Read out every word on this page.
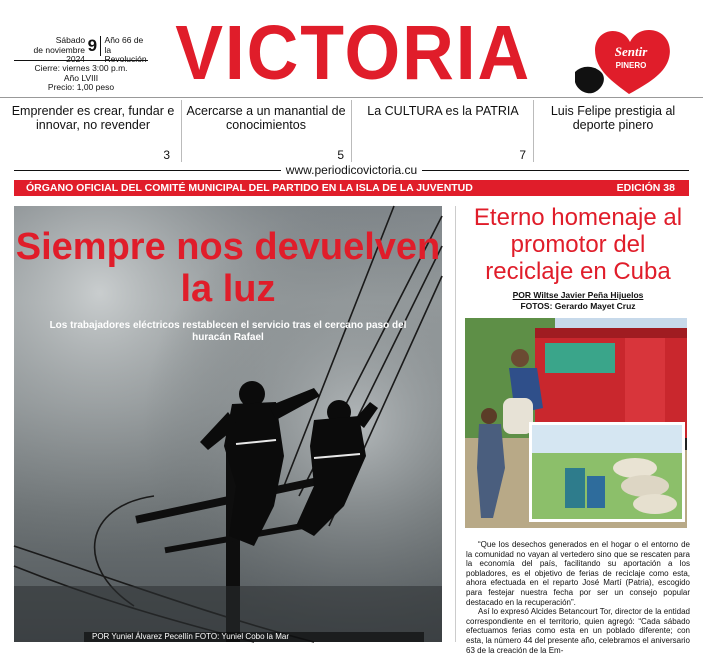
Sábado
de noviembre 2024
9 Año 66 de la
Revolución
Cierre: viernes 3:00 p.m.
Año LVIII
Precio: 1,00 peso VICTORIA	Sentir
PINERO
Emprender es crear, fundar e innovar, no revender
3
Acercarse a un manantial de conocimientos
5
La CULTURA es la PATRIA
7
Luis Felipe prestigia al deporte pinero
www.periodicovictoria.cu
ÓRGANO OFICIAL DEL COMITÉ MUNICIPAL DEL PARTIDO EN LA ISLA DE LA JUVENTUD	EDICIÓN 38
Siempre nos devuelven la luz
Los trabajadores eléctricos restablecen el servicio tras el cercano paso del huracán Rafael
POR Yuniel Álvarez Pecellín FOTO: Yuniel Cobo la Mar
Eterno homenaje al promotor del reciclaje en Cuba
POR Wiltse Javier Peña Hijuelos
FOTOS: Gerardo Mayet Cruz

“Que los desechos generados en el hogar o el entorno de la comunidad no vayan al vertedero sino que se rescaten para la economía del país, facilitando su aportación a los pobladores, es el objetivo de ferias de reciclaje como esta, ahora efectuada en el reparto José Martí (Patria), escogido para festejar nuestra fecha por ser un consejo popular destacado en la recuperación”.

Así lo expresó Alcides Betancourt Tor, director de la entidad correspondiente en el territorio, quien agregó: “Cada sábado efectuamos ferias como esta en un poblado diferente; con esta, la número 44 del presente año, celebramos el aniversario 63 de la creación de la Em-
